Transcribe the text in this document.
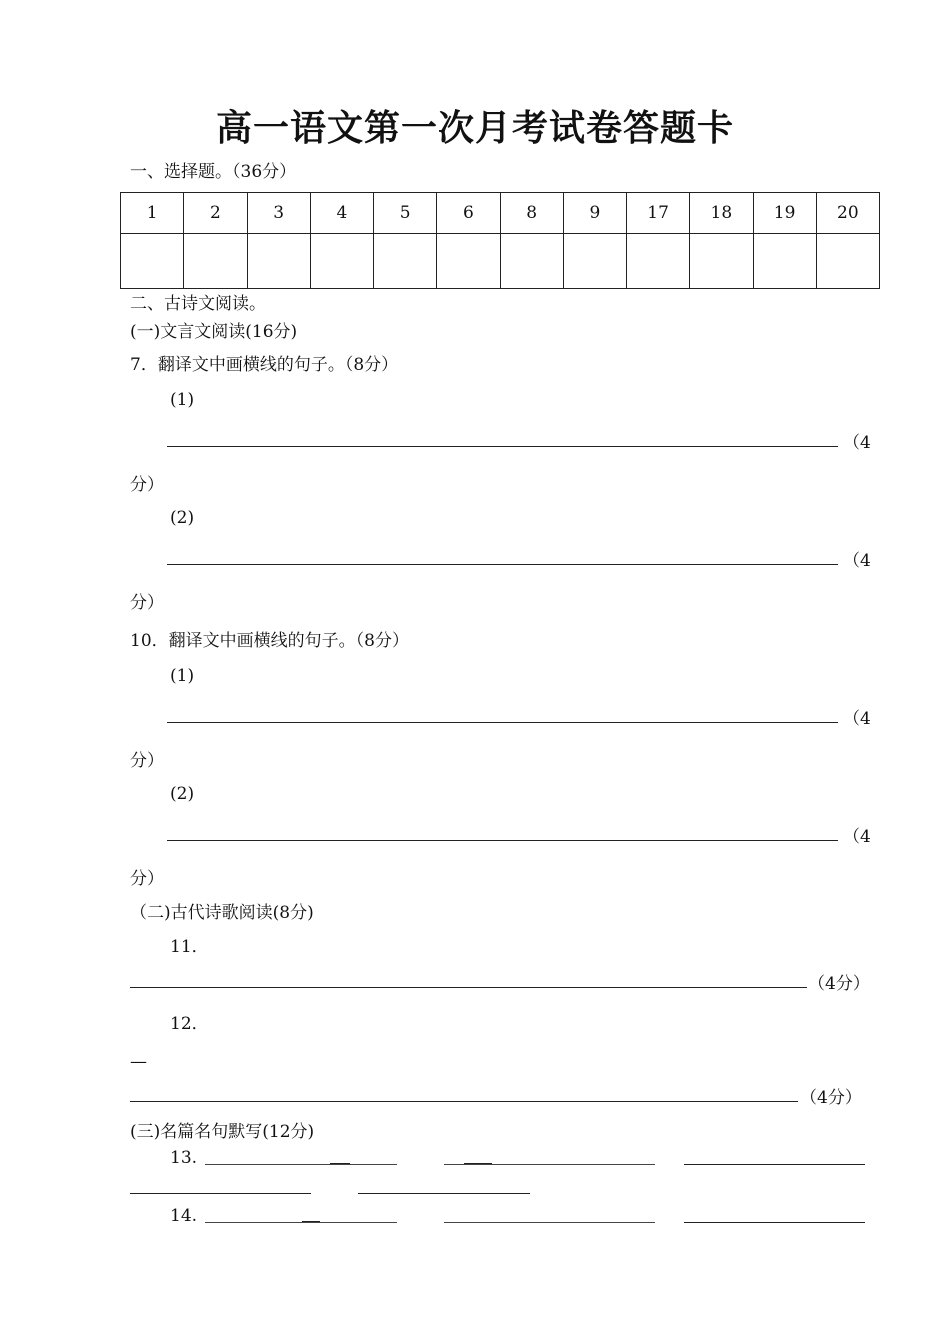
高一语文第一次月考试卷答题卡
一、选择题。（36分）
1	2	3	4	5	6	8	9	17	18	19	20

二、古诗文阅读。
(一)文言文阅读(16分)
7．翻译文中画横线的句子。（8分）
(1)
（4
分）
(2)
（4
分）
10．翻译文中画横线的句子。（8分）
(1)
（4
分）
(2)
（4
分）
（二)古代诗歌阅读(8分)
11．
（4分）
12．
—
（4分）
(三)名篇名句默写(12分)
13.
14.
